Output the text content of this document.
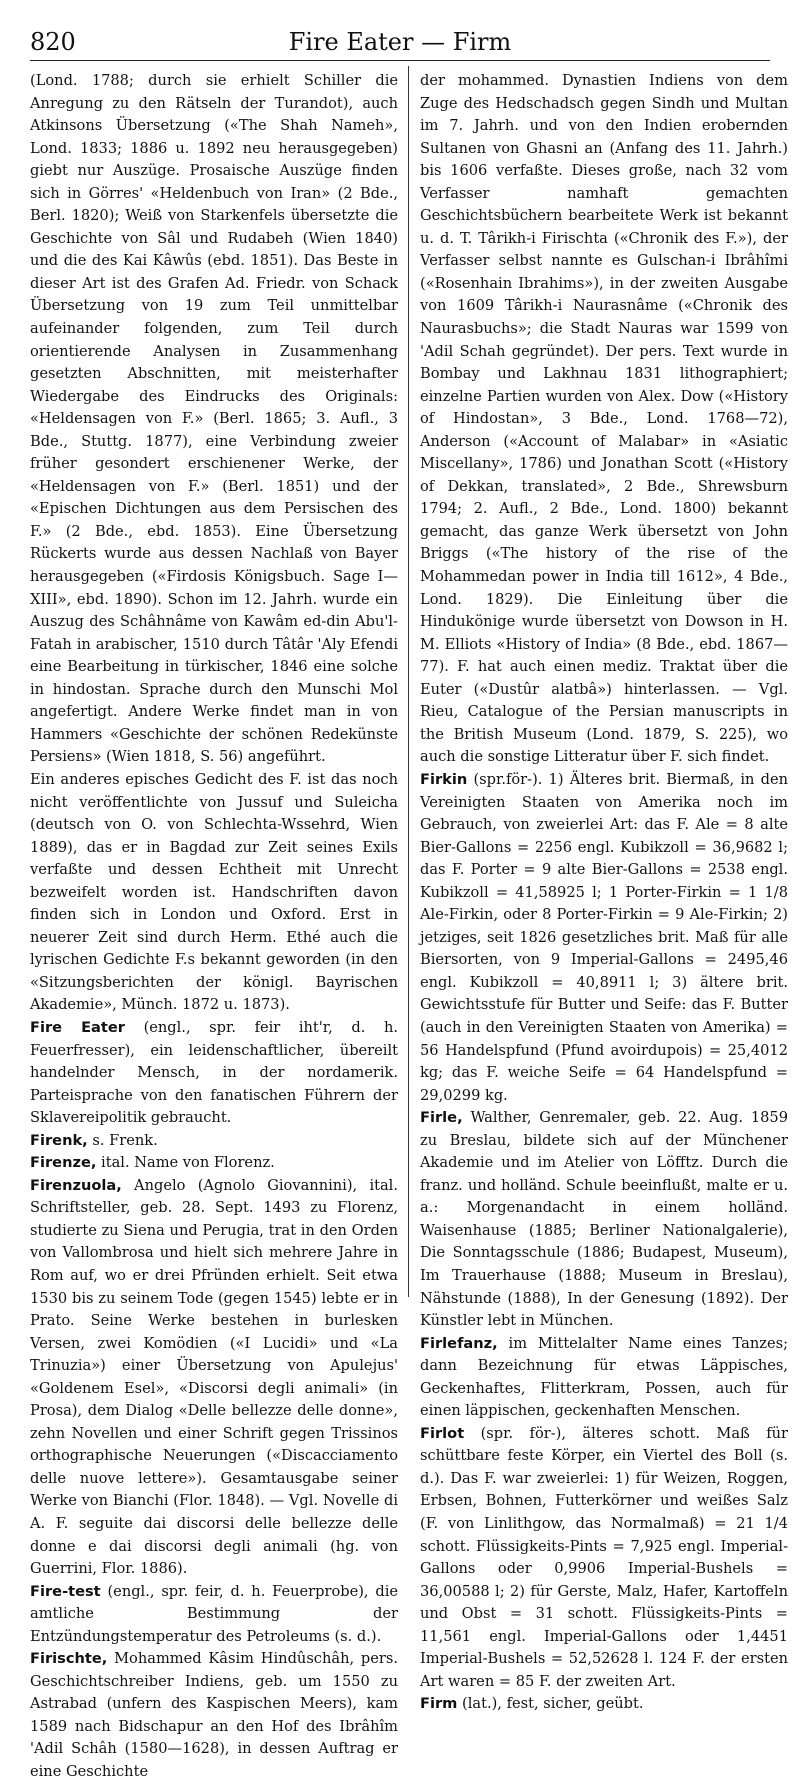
820	Fire Eater — Firm

(Lond. 1788; durch sie erhielt Schiller die Anregung zu den Rätseln der Turandot), auch Atkinsons Übersetzung («The Shah Nameh», Lond. 1833; 1886 u. 1892 neu herausgegeben) giebt nur Auszüge. Prosaische Auszüge finden sich in Görres' «Heldenbuch von Iran» (2 Bde., Berl. 1820); Weiß von Starkenfels übersetzte die Geschichte von Sâl und Rudabeh (Wien 1840) und die des Kai Kâwûs (ebd. 1851). Das Beste in dieser Art ist des Grafen Ad. Friedr. von Schack Übersetzung von 19 zum Teil unmittelbar aufeinander folgenden, zum Teil durch orientierende Analysen in Zusammenhang gesetzten Abschnitten, mit meisterhafter Wiedergabe des Eindrucks des Originals: «Heldensagen von F.» (Berl. 1865; 3. Aufl., 3 Bde., Stuttg. 1877), eine Verbindung zweier früher gesondert erschienener Werke, der «Heldensagen von F.» (Berl. 1851) und der «Epischen Dichtungen aus dem Persischen des F.» (2 Bde., ebd. 1853). Eine Übersetzung Rückerts wurde aus dessen Nachlaß von Bayer herausgegeben («Firdosis Königsbuch. Sage I—XIII», ebd. 1890). Schon im 12. Jahrh. wurde ein Auszug des Schâhnâme von Kawâm ed-din Abu'l-Fatah in arabischer, 1510 durch Tâtâr 'Aly Efendi eine Bearbeitung in türkischer, 1846 eine solche in hindostan. Sprache durch den Munschi Mol angefertigt. Andere Werke findet man in von Hammers «Geschichte der schönen Redekünste Persiens» (Wien 1818, S. 56) angeführt.

Ein anderes episches Gedicht des F. ist das noch nicht veröffentlichte von Jussuf und Suleicha (deutsch von O. von Schlechta-Wssehrd, Wien 1889), das er in Bagdad zur Zeit seines Exils verfaßte und dessen Echtheit mit Unrecht bezweifelt worden ist. Handschriften davon finden sich in London und Oxford. Erst in neuerer Zeit sind durch Herm. Ethé auch die lyrischen Gedichte F.s bekannt geworden (in den «Sitzungsberichten der königl. Bayrischen Akademie», Münch. 1872 u. 1873).

Fire Eater (engl., spr. feir iht'r, d. h. Feuerfresser), ein leidenschaftlicher, übereilt handelnder Mensch, in der nordamerik. Parteisprache von den fanatischen Führern der Sklavereipolitik gebraucht.

Firenk, s. Frenk.

Firenze, ital. Name von Florenz.

Firenzuola, Angelo (Agnolo Giovannini), ital. Schriftsteller, geb. 28. Sept. 1493 zu Florenz, studierte zu Siena und Perugia, trat in den Orden von Vallombrosa und hielt sich mehrere Jahre in Rom auf, wo er drei Pfründen erhielt. Seit etwa 1530 bis zu seinem Tode (gegen 1545) lebte er in Prato. Seine Werke bestehen in burlesken Versen, zwei Komödien («I Lucidi» und «La Trinuzia») einer Übersetzung von Apulejus' «Goldenem Esel», «Discorsi degli animali» (in Prosa), dem Dialog «Delle bellezze delle donne», zehn Novellen und einer Schrift gegen Trissinos orthographische Neuerungen («Discacciamento delle nuove lettere»). Gesamtausgabe seiner Werke von Bianchi (Flor. 1848). — Vgl. Novelle di A. F. seguite dai discorsi delle bellezze delle donne e dai discorsi degli animali (hg. von Guerrini, Flor. 1886).

Fire-test (engl., spr. feir, d. h. Feuerprobe), die amtliche Bestimmung der Entzündungstemperatur des Petroleums (s. d.).

Firischte, Mohammed Kâsim Hindûschâh, pers. Geschichtschreiber Indiens, geb. um 1550 zu Astrabad (unfern des Kaspischen Meers), kam 1589 nach Bidschapur an den Hof des Ibrâhîm 'Adil Schâh (1580—1628), in dessen Auftrag er eine Geschichte

der mohammed. Dynastien Indiens von dem Zuge des Hedschadsch gegen Sindh und Multan im 7. Jahrh. und von den Indien erobernden Sultanen von Ghasni an (Anfang des 11. Jahrh.) bis 1606 verfaßte. Dieses große, nach 32 vom Verfasser namhaft gemachten Geschichtsbüchern bearbeitete Werk ist bekannt u. d. T. Târikh-i Firischta («Chronik des F.»), der Verfasser selbst nannte es Gulschan-i Ibrâhîmi («Rosenhain Ibrahims»), in der zweiten Ausgabe von 1609 Târikh-i Naurasnâme («Chronik des Naurasbuchs»; die Stadt Nauras war 1599 von 'Adil Schah gegründet). Der pers. Text wurde in Bombay und Lakhnau 1831 lithographiert; einzelne Partien wurden von Alex. Dow («History of Hindostan», 3 Bde., Lond. 1768—72), Anderson («Account of Malabar» in «Asiatic Miscellany», 1786) und Jonathan Scott («History of Dekkan, translated», 2 Bde., Shrewsburn 1794; 2. Aufl., 2 Bde., Lond. 1800) bekannt gemacht, das ganze Werk übersetzt von John Briggs («The history of the rise of the Mohammedan power in India till 1612», 4 Bde., Lond. 1829). Die Einleitung über die Hindukönige wurde übersetzt von Dowson in H. M. Elliots «History of India» (8 Bde., ebd. 1867—77). F. hat auch einen mediz. Traktat über die Euter («Dustûr alatbâ») hinterlassen. — Vgl. Rieu, Catalogue of the Persian manuscripts in the British Museum (Lond. 1879, S. 225), wo auch die sonstige Litteratur über F. sich findet.

Firkin (spr.för-). 1) Älteres brit. Biermaß, in den Vereinigten Staaten von Amerika noch im Gebrauch, von zweierlei Art: das F. Ale = 8 alte Bier-Gallons = 2256 engl. Kubikzoll = 36,9682 l; das F. Porter = 9 alte Bier-Gallons = 2538 engl. Kubikzoll = 41,58925 l; 1 Porter-Firkin = 1 1/8 Ale-Firkin, oder 8 Porter-Firkin = 9 Ale-Firkin; 2) jetziges, seit 1826 gesetzliches brit. Maß für alle Biersorten, von 9 Imperial-Gallons = 2495,46 engl. Kubikzoll = 40,8911 l; 3) ältere brit. Gewichtsstufe für Butter und Seife: das F. Butter (auch in den Vereinigten Staaten von Amerika) = 56 Handelspfund (Pfund avoirdupois) = 25,4012 kg; das F. weiche Seife = 64 Handelspfund = 29,0299 kg.

Firle, Walther, Genremaler, geb. 22. Aug. 1859 zu Breslau, bildete sich auf der Münchener Akademie und im Atelier von Löfftz. Durch die franz. und holländ. Schule beeinflußt, malte er u. a.: Morgenandacht in einem holländ. Waisenhause (1885; Berliner Nationalgalerie), Die Sonntagsschule (1886; Budapest, Museum), Im Trauerhause (1888; Museum in Breslau), Nähstunde (1888), In der Genesung (1892). Der Künstler lebt in München.

Firlefanz, im Mittelalter Name eines Tanzes; dann Bezeichnung für etwas Läppisches, Geckenhaftes, Flitterkram, Possen, auch für einen läppischen, geckenhaften Menschen.

Firlot (spr. för-), älteres schott. Maß für schüttbare feste Körper, ein Viertel des Boll (s. d.). Das F. war zweierlei: 1) für Weizen, Roggen, Erbsen, Bohnen, Futterkörner und weißes Salz (F. von Linlithgow, das Normalmaß) = 21 1/4 schott. Flüssigkeits-Pints = 7,925 engl. Imperial-Gallons oder 0,9906 Imperial-Bushels = 36,00588 l; 2) für Gerste, Malz, Hafer, Kartoffeln und Obst = 31 schott. Flüssigkeits-Pints = 11,561 engl. Imperial-Gallons oder 1,4451 Imperial-Bushels = 52,52628 l. 124 F. der ersten Art waren = 85 F. der zweiten Art.

Firm (lat.), fest, sicher, geübt.
